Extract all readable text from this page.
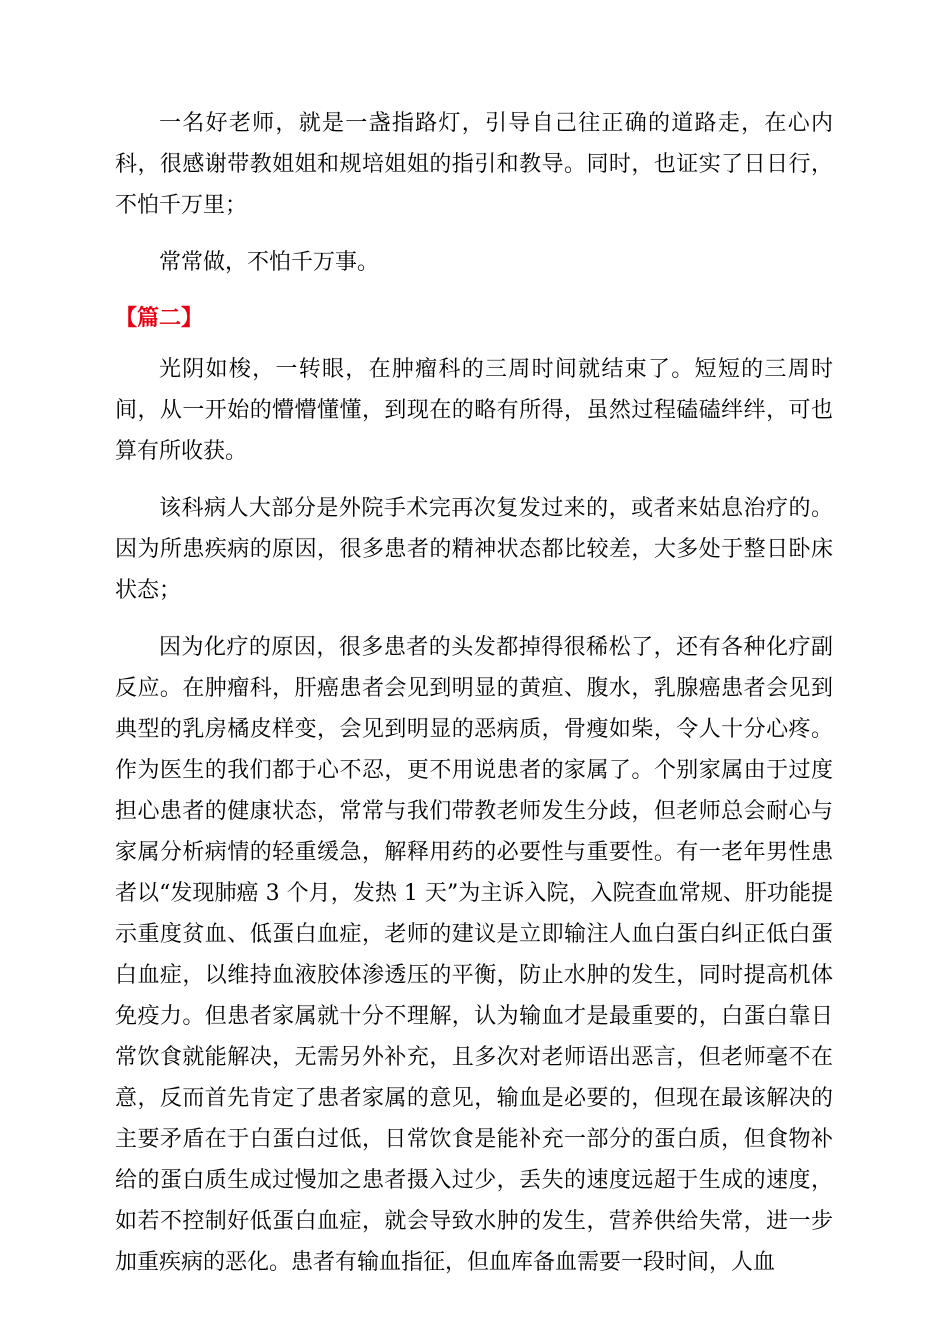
一名好老师，就是一盏指路灯，引导自己往正确的道路走，在心内科，很感谢带教姐姐和规培姐姐的指引和教导。同时，也证实了日日行，不怕千万里；

常常做，不怕千万事。

【篇二】

光阴如梭，一转眼，在肿瘤科的三周时间就结束了。短短的三周时间，从一开始的懵懵懂懂，到现在的略有所得，虽然过程磕磕绊绊，可也算有所收获。

该科病人大部分是外院手术完再次复发过来的，或者来姑息治疗的。因为所患疾病的原因，很多患者的精神状态都比较差，大多处于整日卧床状态；

因为化疗的原因，很多患者的头发都掉得很稀松了，还有各种化疗副反应。在肿瘤科，肝癌患者会见到明显的黄疸、腹水，乳腺癌患者会见到典型的乳房橘皮样变，会见到明显的恶病质，骨瘦如柴，令人十分心疼。作为医生的我们都于心不忍，更不用说患者的家属了。个别家属由于过度担心患者的健康状态，常常与我们带教老师发生分歧，但老师总会耐心与家属分析病情的轻重缓急，解释用药的必要性与重要性。有一老年男性患者以“发现肺癌 3 个月，发热 1 天”为主诉入院，入院查血常规、肝功能提示重度贫血、低蛋白血症，老师的建议是立即输注人血白蛋白纠正低白蛋白血症，以维持血液胶体渗透压的平衡，防止水肿的发生，同时提高机体免疫力。但患者家属就十分不理解，认为输血才是最重要的，白蛋白靠日常饮食就能解决，无需另外补充，且多次对老师语出恶言，但老师毫不在意，反而首先肯定了患者家属的意见，输血是必要的，但现在最该解决的主要矛盾在于白蛋白过低，日常饮食是能补充一部分的蛋白质，但食物补给的蛋白质生成过慢加之患者摄入过少，丢失的速度远超于生成的速度，如若不控制好低蛋白血症，就会导致水肿的发生，营养供给失常，进一步加重疾病的恶化。患者有输血指征，但血库备血需要一段时间，人血
